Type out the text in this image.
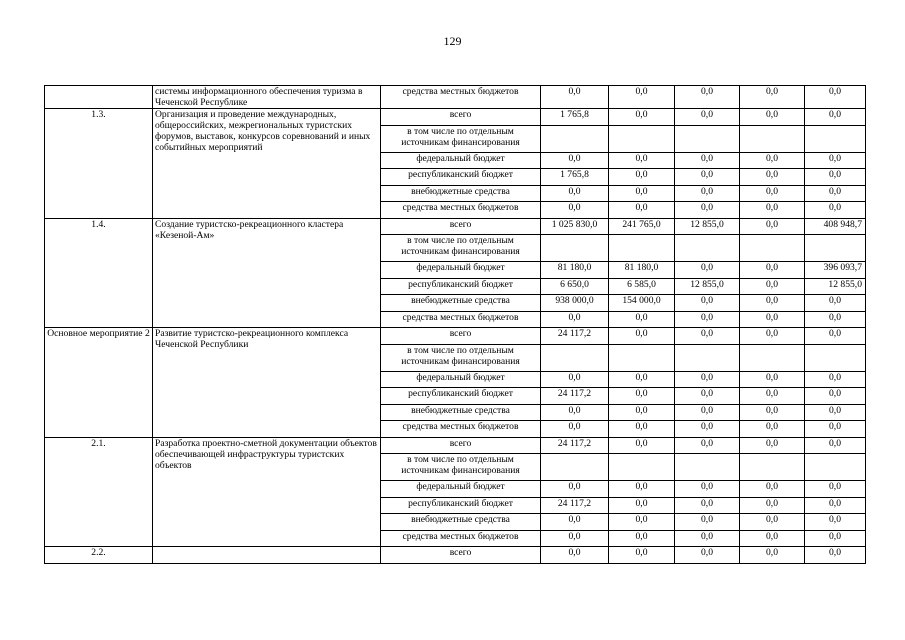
129
	системы информационного обеспечения туризма в Чеченской Республике	средства местных бюджетов	0,0	0,0	0,0	0,0	0,0
1.3.	Организация и проведение международных, общероссийских, межрегиональных туристских форумов, выставок, конкурсов соревнований и иных событийных мероприятий	всего	1 765,8	0,0	0,0	0,0	0,0
		в том числе по отдельным источникам финансирования					
		федеральный бюджет	0,0	0,0	0,0	0,0	0,0
		республиканский бюджет	1 765,8	0,0	0,0	0,0	0,0
		внебюджетные средства	0,0	0,0	0,0	0,0	0,0
		средства местных бюджетов	0,0	0,0	0,0	0,0	0,0
1.4.	Создание туристско-рекреационного кластера «Кезеной-Ам»	всего	1 025 830,0	241 765,0	12 855,0	0,0	408 948,7
		в том числе по отдельным источникам финансирования					
		федеральный бюджет	81 180,0	81 180,0	0,0	0,0	396 093,7
		республиканский бюджет	6 650,0	6 585,0	12 855,0	0,0	12 855,0
		внебюджетные средства	938 000,0	154 000,0	0,0	0,0	0,0
		средства местных бюджетов	0,0	0,0	0,0	0,0	0,0
Основное мероприятие 2	Развитие туристско-рекреационного комплекса Чеченской Республики	всего	24 117,2	0,0	0,0	0,0	0,0
		в том числе по отдельным источникам финансирования					
		федеральный бюджет	0,0	0,0	0,0	0,0	0,0
		республиканский бюджет	24 117,2	0,0	0,0	0,0	0,0
		внебюджетные средства	0,0	0,0	0,0	0,0	0,0
		средства местных бюджетов	0,0	0,0	0,0	0,0	0,0
2.1.	Разработка проектно-сметной документации объектов обеспечивающей инфраструктуры туристских объектов	всего	24 117,2	0,0	0,0	0,0	0,0
		в том числе по отдельным источникам финансирования					
		федеральный бюджет	0,0	0,0	0,0	0,0	0,0
		республиканский бюджет	24 117,2	0,0	0,0	0,0	0,0
		внебюджетные средства	0,0	0,0	0,0	0,0	0,0
		средства местных бюджетов	0,0	0,0	0,0	0,0	0,0
2.2.		всего	0,0	0,0	0,0	0,0	0,0
